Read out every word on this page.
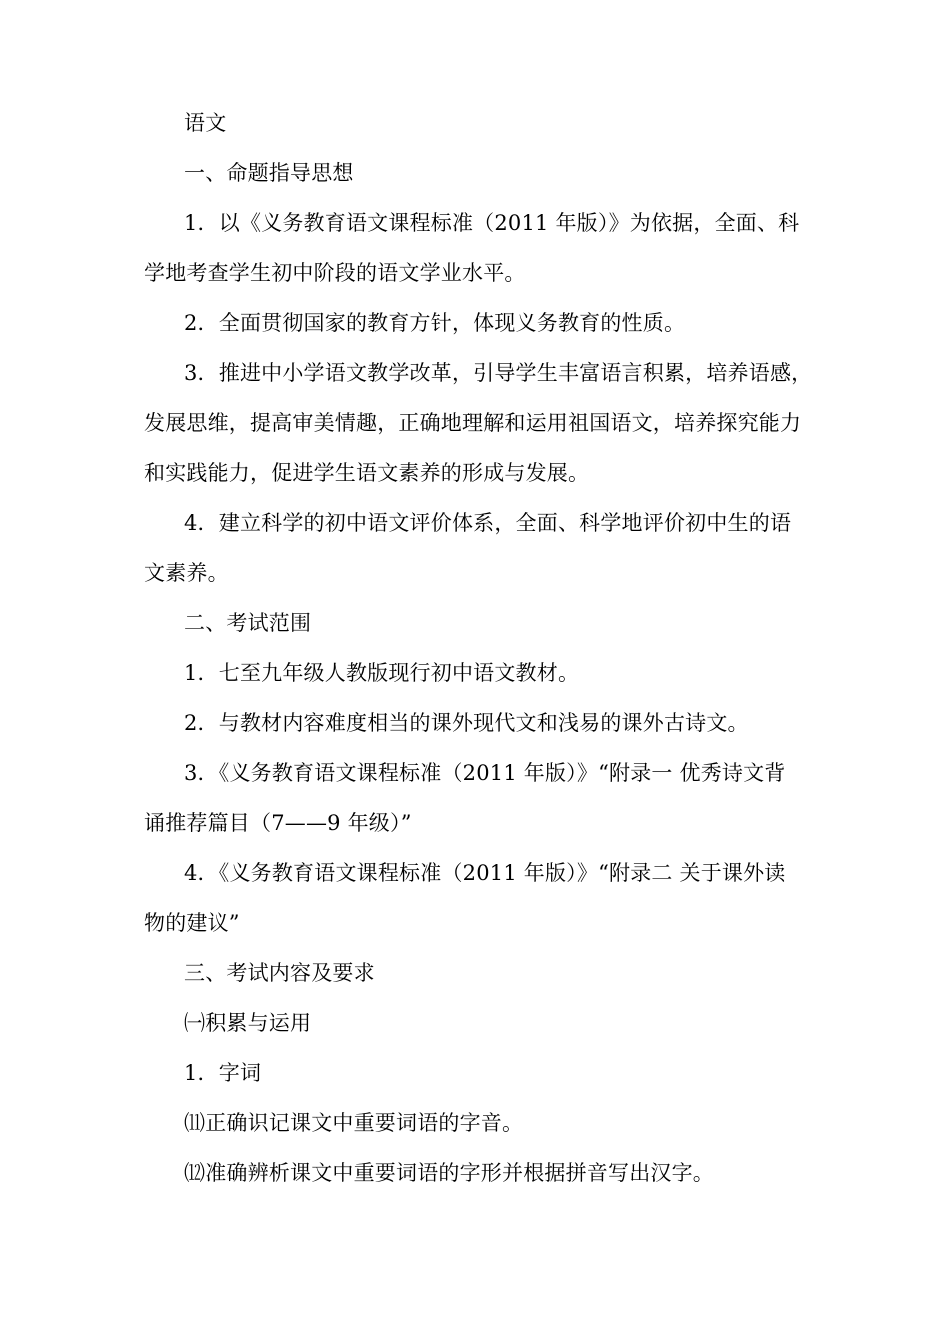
语文
一、命题指导思想
1．以《义务教育语文课程标准（2011 年版）》为依据，全面、科
学地考查学生初中阶段的语文学业水平。
2．全面贯彻国家的教育方针，体现义务教育的性质。
3．推进中小学语文教学改革，引导学生丰富语言积累，培养语感，
发展思维，提高审美情趣，正确地理解和运用祖国语文，培养探究能力
和实践能力，促进学生语文素养的形成与发展。
4．建立科学的初中语文评价体系，全面、科学地评价初中生的语
文素养。
二、考试范围
1．七至九年级人教版现行初中语文教材。
2．与教材内容难度相当的课外现代文和浅易的课外古诗文。
3．《义务教育语文课程标准（2011 年版）》“附录一 优秀诗文背
诵推荐篇目（7——9 年级）”
4．《义务教育语文课程标准（2011 年版）》“附录二 关于课外读
物的建议”
三、考试内容及要求
㈠积累与运用
1．字词
⑾正确识记课文中重要词语的字音。
⑿准确辨析课文中重要词语的字形并根据拼音写出汉字。
